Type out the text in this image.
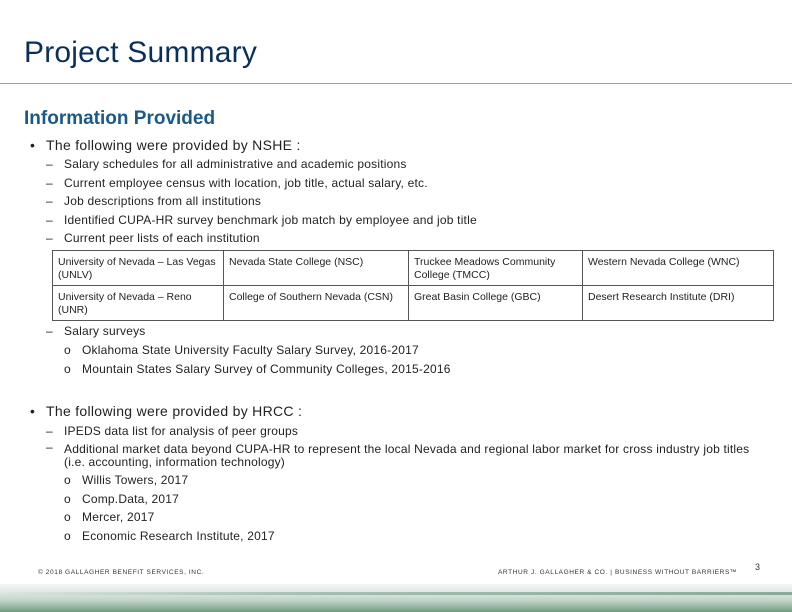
Project Summary
Information Provided
• The following were provided by NSHE :
– Salary schedules for all administrative and academic positions
– Current employee census with location, job title, actual salary, etc.
– Job descriptions from all institutions
– Identified CUPA-HR survey benchmark job match by employee and job title
– Current peer lists of each institution
University of Nevada – Las Vegas (UNLV)	Nevada State College (NSC)	Truckee Meadows Community College (TMCC)	Western Nevada College (WNC)
University of Nevada – Reno (UNR)	College of Southern Nevada (CSN)	Great Basin College (GBC)	Desert Research Institute (DRI)
– Salary surveys
o Oklahoma State University Faculty Salary Survey, 2016-2017
o Mountain States Salary Survey of Community Colleges, 2015-2016
• The following were provided by HRCC :
– IPEDS data list for analysis of peer groups
– Additional market data beyond CUPA-HR to represent the local Nevada and regional labor market for cross industry job titles (i.e. accounting, information technology)
o Willis Towers, 2017
o Comp.Data, 2017
o Mercer, 2017
o Economic Research Institute, 2017
© 2018 GALLAGHER BENEFIT SERVICES, INC.	ARTHUR J. GALLAGHER & CO. | BUSINESS WITHOUT BARRIERS™
3
